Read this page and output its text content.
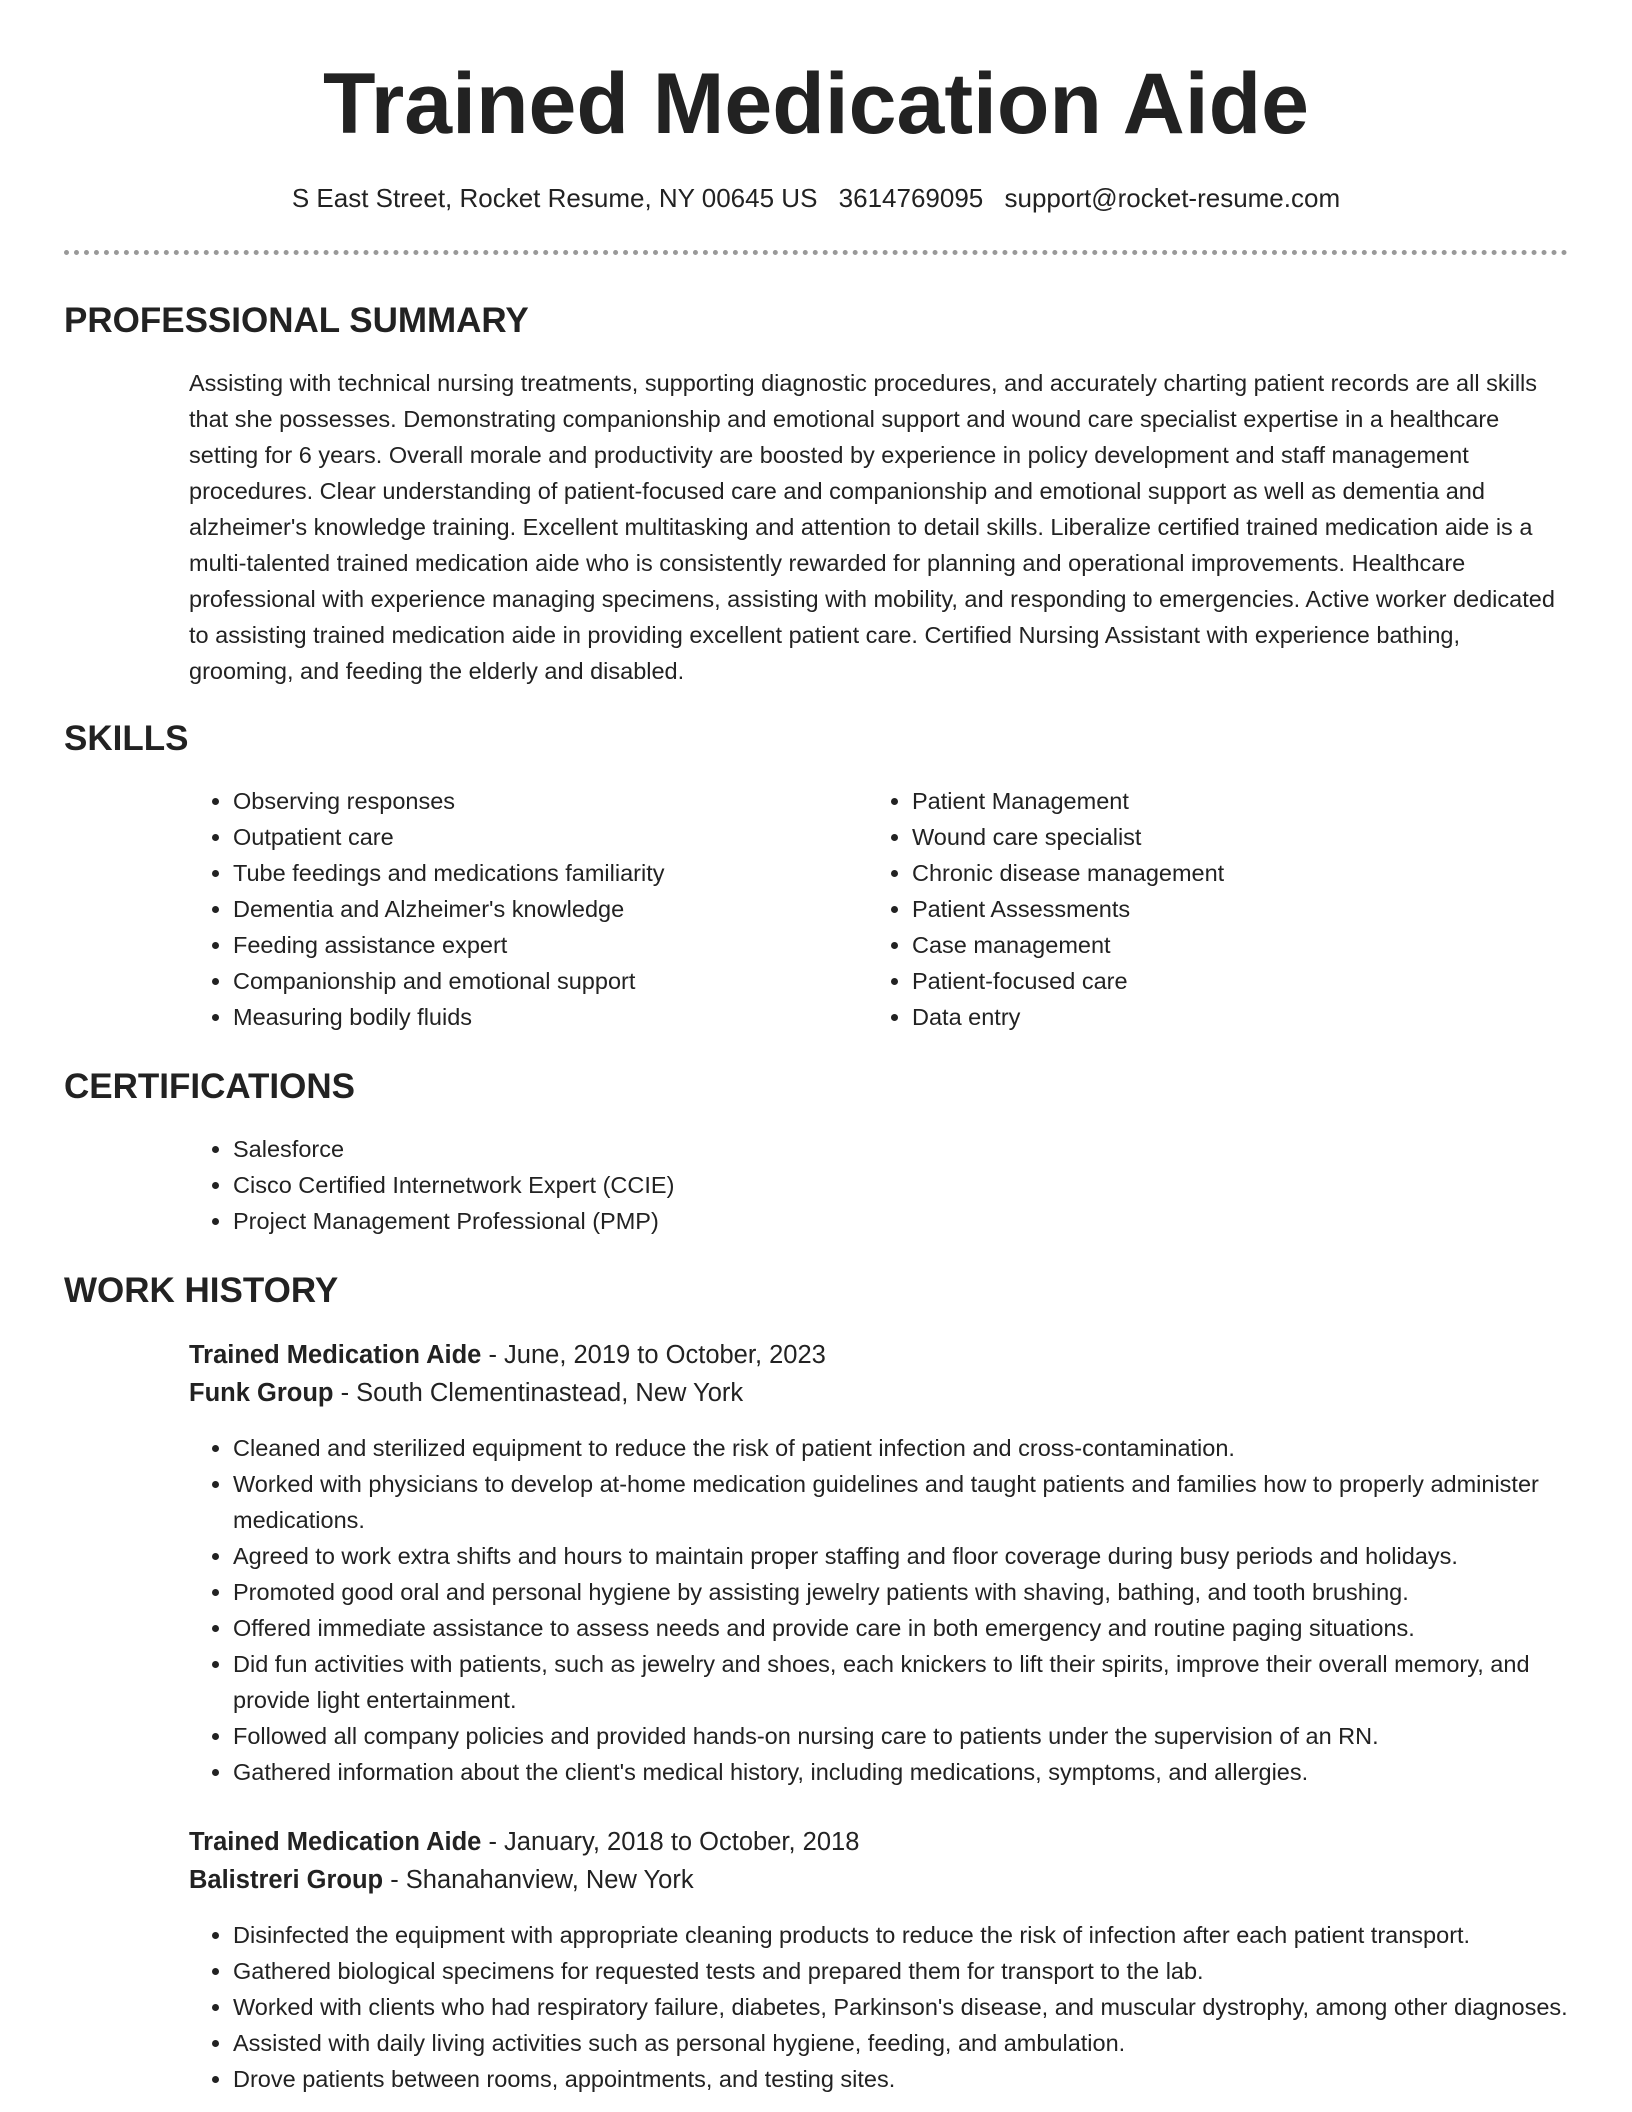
Trained Medication Aide
S East Street, Rocket Resume, NY 00645 US 3614769095 support@rocket-resume.com
PROFESSIONAL SUMMARY

Assisting with technical nursing treatments, supporting diagnostic procedures, and accurately charting patient records are all skills that she possesses. Demonstrating companionship and emotional support and wound care specialist expertise in a healthcare setting for 6 years. Overall morale and productivity are boosted by experience in policy development and staff management procedures. Clear understanding of patient-focused care and companionship and emotional support as well as dementia and alzheimer's knowledge training. Excellent multitasking and attention to detail skills. Liberalize certified trained medication aide is a multi-talented trained medication aide who is consistently rewarded for planning and operational improvements. Healthcare professional with experience managing specimens, assisting with mobility, and responding to emergencies. Active worker dedicated to assisting trained medication aide in providing excellent patient care. Certified Nursing Assistant with experience bathing, grooming, and feeding the elderly and disabled.

SKILLS
• Observing responses
• Outpatient care
• Tube feedings and medications familiarity
• Dementia and Alzheimer's knowledge
• Feeding assistance expert
• Companionship and emotional support
• Measuring bodily fluids
• Patient Management
• Wound care specialist
• Chronic disease management
• Patient Assessments
• Case management
• Patient-focused care
• Data entry
CERTIFICATIONS
• Salesforce
• Cisco Certified Internetwork Expert (CCIE)
• Project Management Professional (PMP)
WORK HISTORY
Trained Medication Aide - June, 2019 to October, 2023
Funk Group - South Clementinastead, New York
• Cleaned and sterilized equipment to reduce the risk of patient infection and cross-contamination.
• Worked with physicians to develop at-home medication guidelines and taught patients and families how to properly administer medications.
• Agreed to work extra shifts and hours to maintain proper staffing and floor coverage during busy periods and holidays.
• Promoted good oral and personal hygiene by assisting jewelry patients with shaving, bathing, and tooth brushing.
• Offered immediate assistance to assess needs and provide care in both emergency and routine paging situations.
• Did fun activities with patients, such as jewelry and shoes, each knickers to lift their spirits, improve their overall memory, and provide light entertainment.
• Followed all company policies and provided hands-on nursing care to patients under the supervision of an RN.
• Gathered information about the client's medical history, including medications, symptoms, and allergies.
Trained Medication Aide - January, 2018 to October, 2018
Balistreri Group - Shanahanview, New York
• Disinfected the equipment with appropriate cleaning products to reduce the risk of infection after each patient transport.
• Gathered biological specimens for requested tests and prepared them for transport to the lab.
• Worked with clients who had respiratory failure, diabetes, Parkinson's disease, and muscular dystrophy, among other diagnoses.
• Assisted with daily living activities such as personal hygiene, feeding, and ambulation.
• Drove patients between rooms, appointments, and testing sites.
